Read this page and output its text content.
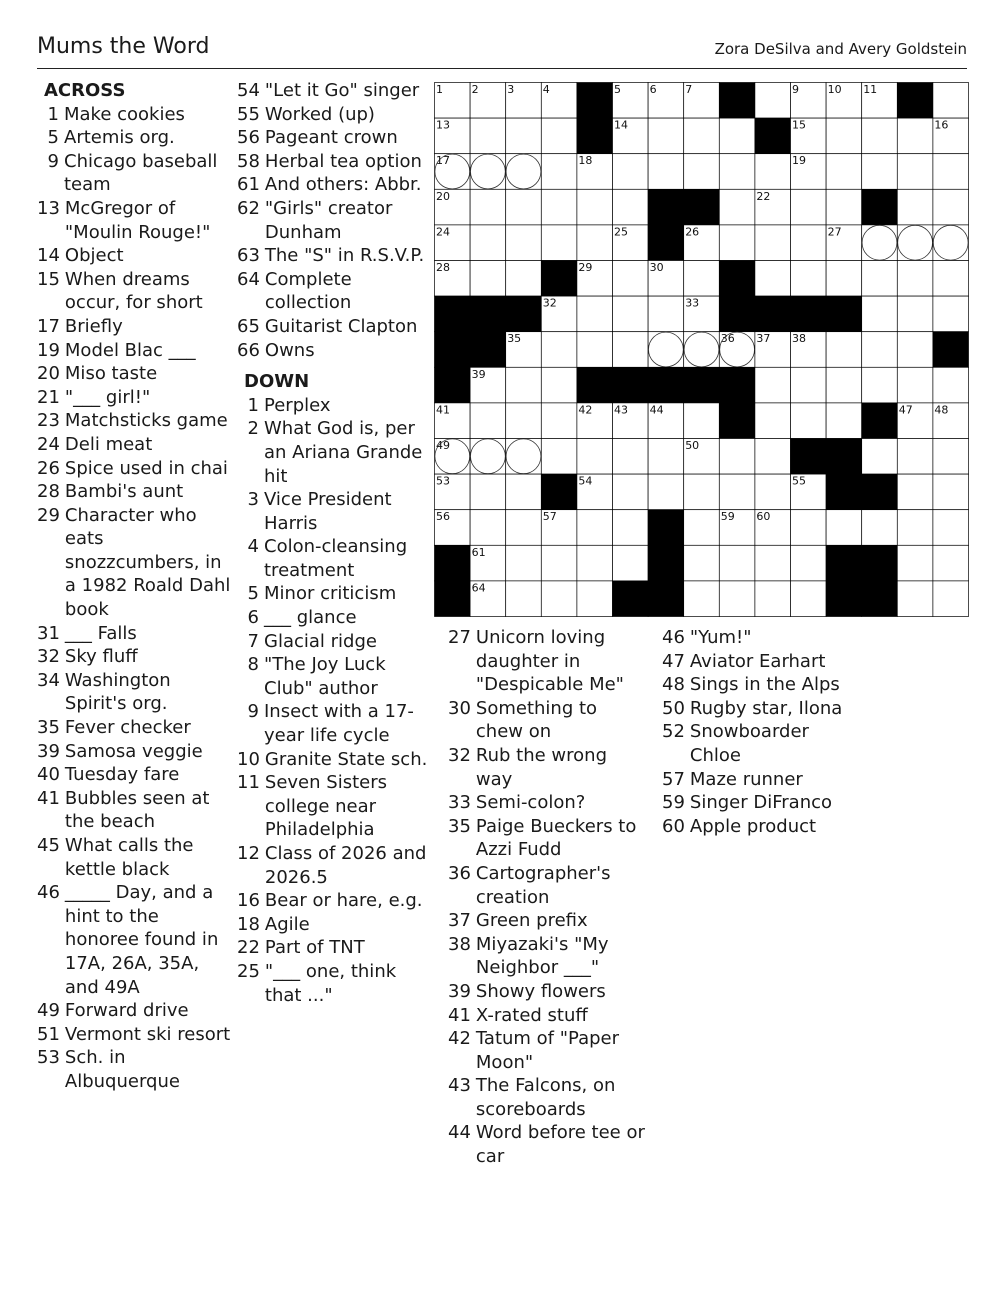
Mums the Word	Zora DeSilva and Avery Goldstein
ACROSS
1 Make cookies
5 Artemis org.
9 Chicago baseball team
13 McGregor of "Moulin Rouge!"
14 Object
15 When dreams occur, for short
17 Briefly
19 Model Blac ___
20 Miso taste
21 "___ girl!"
23 Matchsticks game
24 Deli meat
26 Spice used in chai
28 Bambi's aunt
29 Character who eats snozzcumbers, in a 1982 Roald Dahl book
31 ___ Falls
32 Sky fluff
34 Washington Spirit's org.
35 Fever checker
39 Samosa veggie
40 Tuesday fare
41 Bubbles seen at the beach
45 What calls the kettle black
46 _____ Day, and a hint to the honoree found in 17A, 26A, 35A, and 49A
49 Forward drive
51 Vermont ski resort
53 Sch. in Albuquerque
54 "Let it Go" singer
55 Worked (up)
56 Pageant crown
58 Herbal tea option
61 And others: Abbr.
62 "Girls" creator Dunham
63 The "S" in R.S.V.P.
64 Complete collection
65 Guitarist Clapton
66 Owns
DOWN
1 Perplex
2 What God is, per an Ariana Grande hit
3 Vice President Harris
4 Colon-cleansing treatment
5 Minor criticism
6 ___ glance
7 Glacial ridge
8 "The Joy Luck Club" author
9 Insect with a 17-year life cycle
10 Granite State sch.
11 Seven Sisters college near Philadelphia
12 Class of 2026 and 2026.5
16 Bear or hare, e.g.
18 Agile
22 Part of TNT
25 "___ one, think that ..."
1	2	3	4	5	6	7	9	10 11
13	14	15	16
17	18	19
20	22
24	25	26	27
28	29	30
32	33
35	36 37 38
39
41	42 43 44	47 48
49	50
53	54	55
56	57	59 60
61
64
27 Unicorn loving daughter in "Despicable Me"
30 Something to chew on
32 Rub the wrong way
33 Semi-colon?
35 Paige Bueckers to Azzi Fudd
36 Cartographer's creation
37 Green prefix
38 Miyazaki's "My Neighbor ___"
39 Showy flowers
41 X-rated stuff
42 Tatum of "Paper Moon"
43 The Falcons, on scoreboards
44 Word before tee or car
46 "Yum!"
47 Aviator Earhart
48 Sings in the Alps
50 Rugby star, Ilona
52 Snowboarder Chloe
57 Maze runner
59 Singer DiFranco
60 Apple product
